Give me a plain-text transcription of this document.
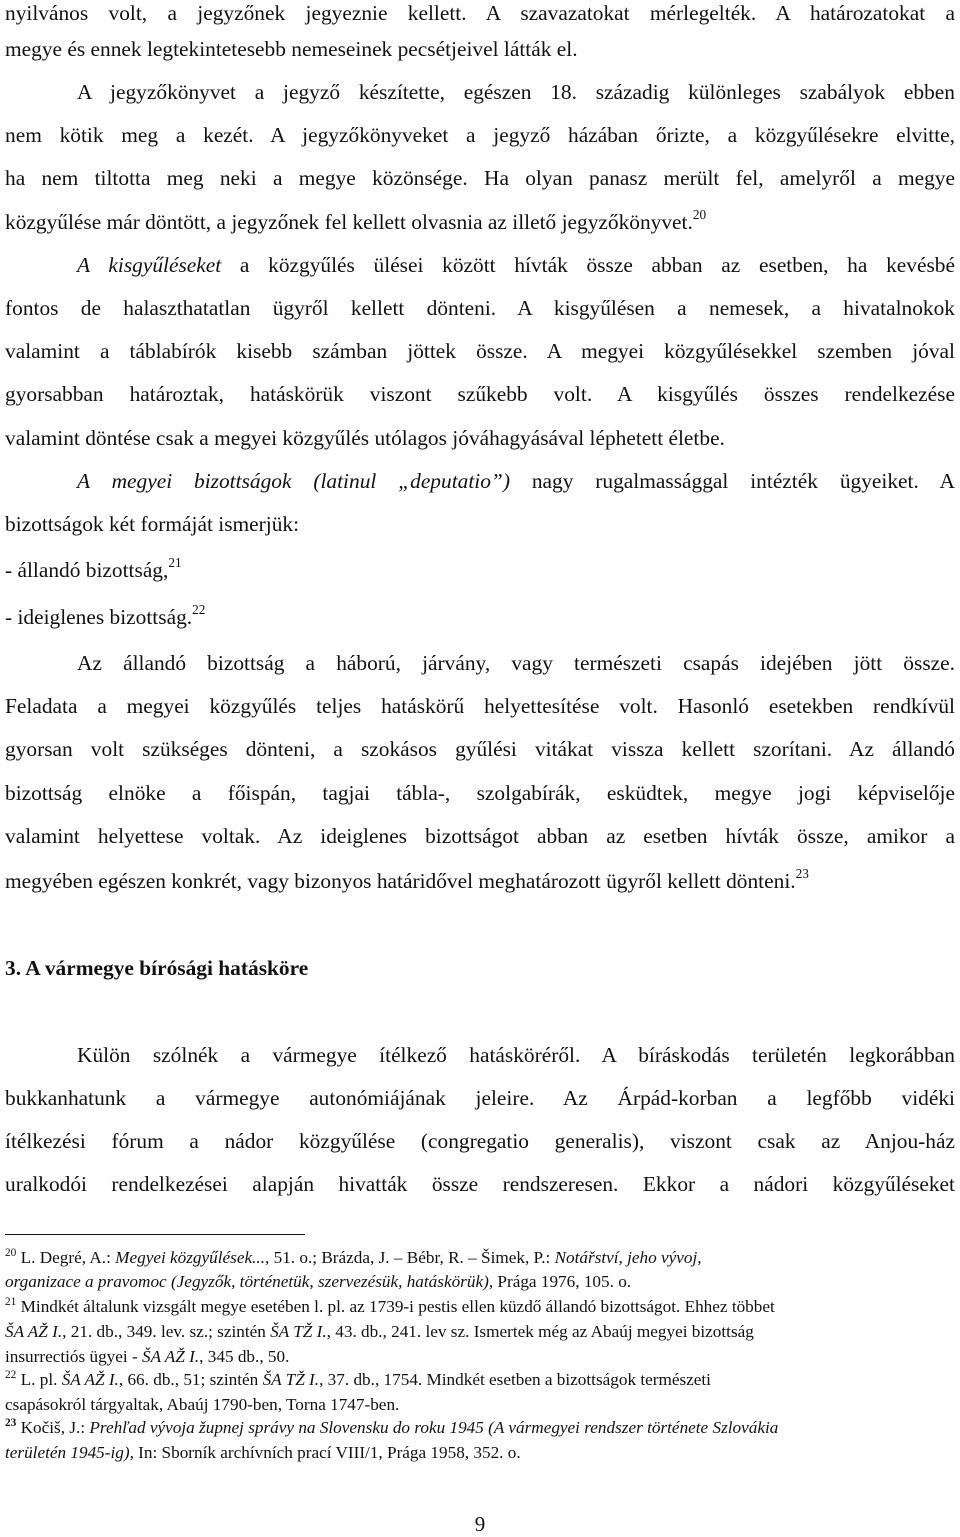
nyilvános volt, a jegyzőnek jegyeznie kellett. A szavazatokat mérlegelték. A határozatokat a

megye és ennek legtekintetesebb nemeseinek pecsétjeivel látták el.

A jegyzőkönyvet a jegyző készítette, egészen 18. századig különleges szabályok ebben

nem kötik meg a kezét. A jegyzőkönyveket a jegyző házában őrizte, a közgyűlésekre elvitte,

ha nem tiltotta meg neki a megye közönsége. Ha olyan panasz merült fel, amelyről a megye

közgyűlése már döntött, a jegyzőnek fel kellett olvasnia az illető jegyzőkönyvet.$^{20}$

A kisgyűléseket a közgyűlés ülései között hívták össze abban az esetben, ha kevésbé

fontos de halaszthatatlan ügyről kellett dönteni. A kisgyűlésen a nemesek, a hivatalnokok

valamint a táblabírók kisebb számban jöttek össze. A megyei közgyűlésekkel szemben jóval

gyorsabban határoztak, hatáskörük viszont szűkebb volt. A kisgyűlés összes rendelkezése

valamint döntése csak a megyei közgyűlés utólagos jóváhagyásával léphetett életbe.

A megyei bizottságok (latinul „deputatio”) nagy rugalmassággal intézték ügyeiket. A

bizottságok két formáját ismerjük:

- állandó bizottság,$^{21}$

- ideiglenes bizottság.$^{22}$

Az állandó bizottság a háború, járvány, vagy természeti csapás idejében jött össze.

Feladata a megyei közgyűlés teljes hatáskörű helyettesítése volt. Hasonló esetekben rendkívül

gyorsan volt szükséges dönteni, a szokásos gyűlési vitákat vissza kellett szorítani. Az állandó

bizottság elnöke a főispán, tagjai tábla-, szolgabírák, esküdtek, megye jogi képviselője

valamint helyettese voltak. Az ideiglenes bizottságot abban az esetben hívták össze, amikor a

megyében egészen konkrét, vagy bizonyos határidővel meghatározott ügyről kellett dönteni.$^{23}$

3. A vármegye bírósági hatásköre

Külön szólnék a vármegye ítélkező hatásköréről. A bíráskodás területén legkorábban

bukkanhatunk a vármegye autonómiájának jeleire. Az Árpád-korban a legfőbb vidéki

ítélkezési fórum a nádor közgyűlése (congregatio generalis), viszont csak az Anjou-ház

uralkodói rendelkezései alapján hivatták össze rendszeresen. Ekkor a nádori közgyűléseket

$^{20}$ L. Degré, A.: Megyei közgyűlések..., 51. o.; Brázda, J. – Bébr, R. – Šimek, P.: Notářství, jeho vývoj,

organizace a pravomoc (Jegyzők, történetük, szervezésük, hatáskörük), Prága 1976, 105. o.

$^{21}$ Mindkét általunk vizsgált megye esetében l. pl. az 1739-i pestis ellen küzdő állandó bizottságot. Ehhez többet

ŠA AŽ I., 21. db., 349. lev. sz.; szintén ŠA TŽ I., 43. db., 241. lev sz. Ismertek még az Abaúj megyei bizottság

insurrectiós ügyei - ŠA AŽ I., 345 db., 50.

$^{22}$ L. pl. ŠA AŽ I., 66. db., 51; szintén ŠA TŽ I., 37. db., 1754. Mindkét esetben a bizottságok természeti

csapásokról tárgyaltak, Abaúj 1790-ben, Torna 1747-ben.

$^{23}$ Kočiš, J.: Prehľad vývoja župnej správy na Slovensku do roku 1945 (A vármegyei rendszer története Szlovákia

területén 1945-ig), In: Sborník archívních prací VIII/1, Prága 1958, 352. o.

9
